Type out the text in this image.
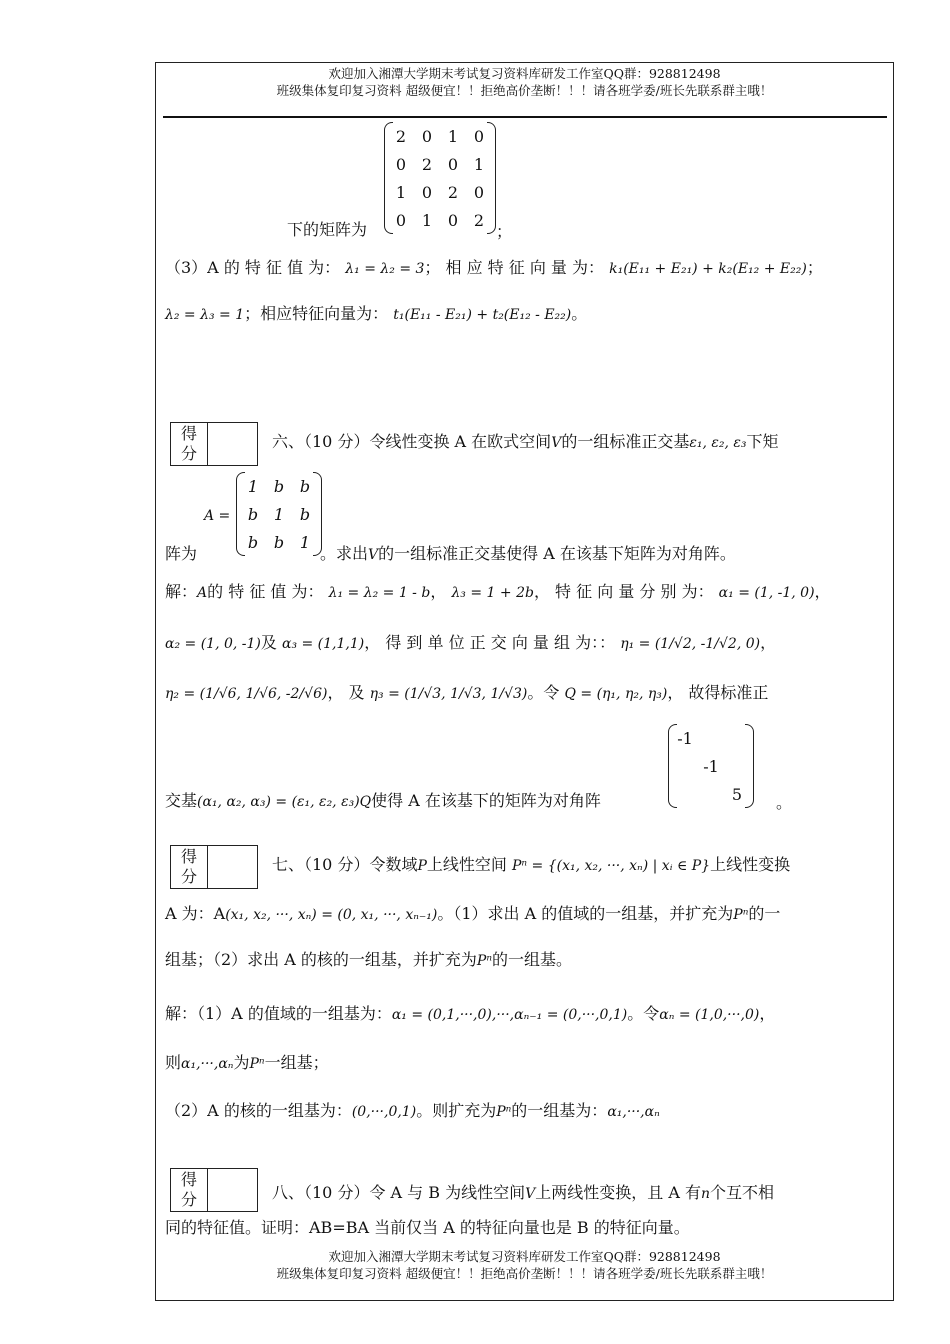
欢迎加入湘潭大学期末考试复习资料库研发工作室QQ群：928812498
班级集体复印复习资料 超级便宜！！拒绝高价垄断！！！请各班学委/班长先联系群主哦！
2	0	1	0
0	2	0	1
1	0	2	0
0	1	0	2
下的矩阵为	；
（3）A 的 特 征 值 为： λ₁ = λ₂ = 3； 相 应 特 征 向 量 为： k₁(E₁₁ + E₂₁) + k₂(E₁₂ + E₂₂)；
λ₂ = λ₃ = 1；相应特征向量为： t₁(E₁₁ - E₂₁) + t₂(E₁₂ - E₂₂)。
得
分
六、（10 分）令线性变换 A 在欧式空间V的一组标准正交基ε₁, ε₂, ε₃下矩
A =
1	b	b
b	1	b
b	b	1
阵为	。求出V的一组标准正交基使得 A 在该基下矩阵为对角阵。
解：A的 特 征 值 为： λ₁ = λ₂ = 1 - b， λ₃ = 1 + 2b， 特 征 向 量 分 别 为： α₁ = (1, -1, 0)，
α₂ = (1, 0, -1)及 α₃ = (1,1,1)， 得 到 单 位 正 交 向 量 组 为：： η₁ = (1/√2, -1/√2, 0)，
η₂ = (1/√6, 1/√6, -2/√6)， 及 η₃ = (1/√3, 1/√3, 1/√3)。令 Q = (η₁, η₂, η₃)， 故得标准正
-1		
	-1	
		5
交基(α₁, α₂, α₃) = (ε₁, ε₂, ε₃)Q使得 A 在该基下的矩阵为对角阵	。
得
分
七、（10 分）令数域P上线性空间 Pⁿ = {(x₁, x₂, ···, xₙ) | xᵢ ∈ P}上线性变换
A 为：A(x₁, x₂, ···, xₙ) = (0, x₁, ···, xₙ₋₁)。（1）求出 A 的值域的一组基，并扩充为Pⁿ的一
组基；（2）求出 A 的核的一组基，并扩充为Pⁿ的一组基。
解：（1）A 的值域的一组基为：α₁ = (0,1,···,0),···,αₙ₋₁ = (0,···,0,1)。令αₙ = (1,0,···,0)，
则α₁,···,αₙ为Pⁿ一组基；
（2）A 的核的一组基为：(0,···,0,1)。则扩充为Pⁿ的一组基为：α₁,···,αₙ
得
分	八、（10 分）令 A 与 B 为线性空间V上两线性变换，且 A 有n个互不相
同的特征值。证明：AB=BA 当前仅当 A 的特征向量也是 B 的特征向量。
欢迎加入湘潭大学期末考试复习资料库研发工作室QQ群：928812498
班级集体复印复习资料 超级便宜！！拒绝高价垄断！！！请各班学委/班长先联系群主哦！
